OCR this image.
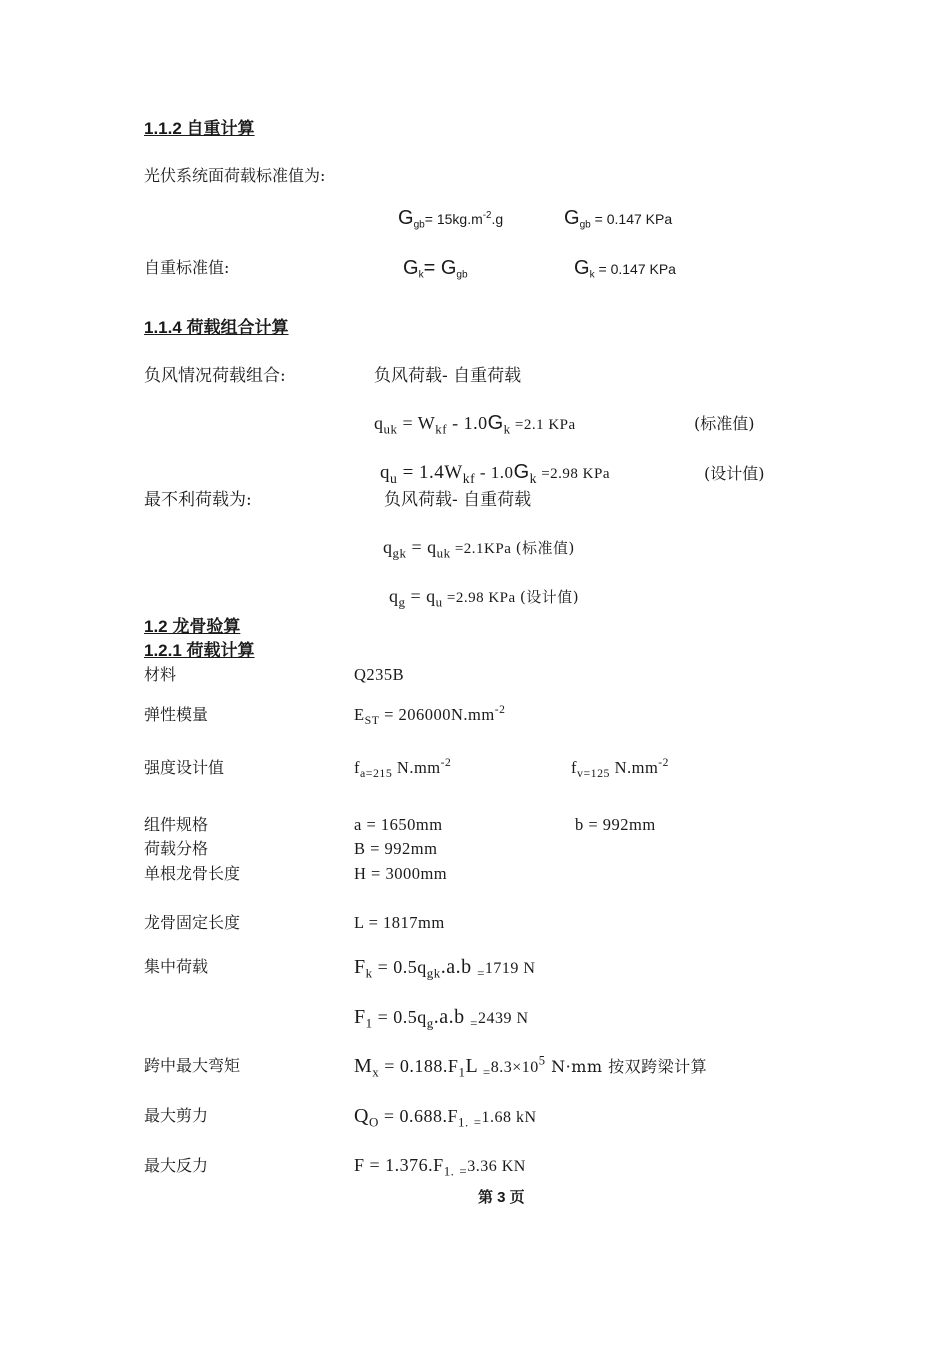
1.1.2 自重计算
光伏系统面荷载标准值为:
$G_{gb}= 15kg.m^{-2}.g$	$G_{gb} = 0.147$ KPa
自重标准值:	$G_k= G_{gb}$	$G_k = 0.147$ KPa
1.1.4 荷载组合计算
负风情况荷载组合:	负风荷载- 自重荷载
$q_{uk} = W_{kf} - 1.0G_k =2.1$ KPa	(标准值)
$q_u = 1.4W_{kf} - 1.0G_k =2.98$ KPa	(设计值)
最不利荷载为:	负风荷载- 自重荷载
$q_{gk} = q_{uk} =2.1KPa$ (标准值)
$q_g = q_u =2.98$ KPa (设计值)
1.2 龙骨验算
1.2.1 荷载计算
材料	Q235B
弹性模量	$E_{ST} = 206000N.mm^{-2}$
强度设计值	$f_{a=215}$ $N.mm^{-2}$	$f_{v=125}$ $N.mm^{-2}$
组件规格	a = 1650mm	b = 992mm
荷载分格	B = 992mm
单根龙骨长度	H = 3000mm
龙骨固定长度	L = 1817mm
集中荷载	$F_k = 0.5q_{gk}.a.b$ $_=$1719 N
$F_1 = 0.5q_g.a.b$ $_=$2439 N
跨中最大弯矩	$M_x = 0.188.F_1L$ $_=8.3\times 10^5$ N·mm 按双跨梁计算
最大剪力	$Q_O = 0.688.F_{1.}$ $_=$1.68 kN
最大反力	$F = 1.376.F_{1.}$ $_=$3.36 KN
第 3 页
